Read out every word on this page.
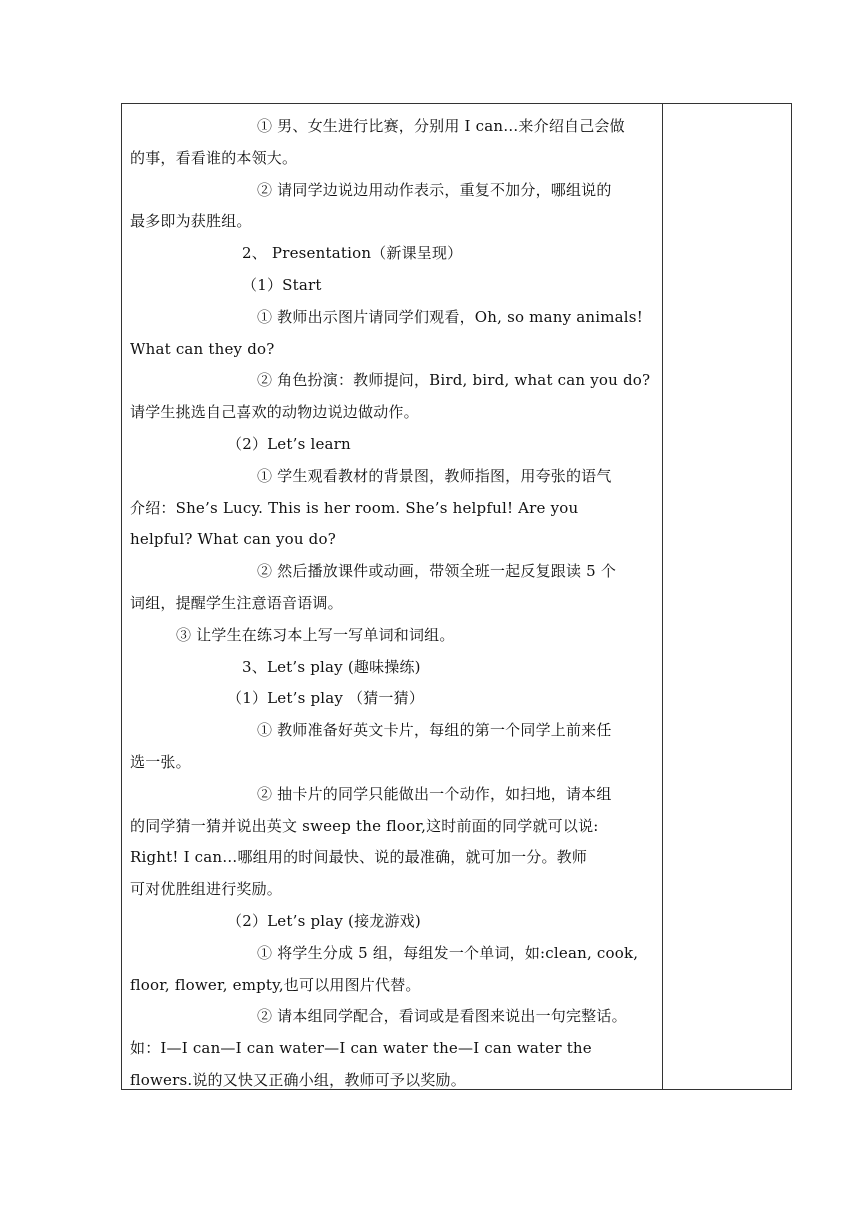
① 男、女生进行比赛，分别用 I can…来介绍自己会做
的事，看看谁的本领大。
② 请同学边说边用动作表示，重复不加分，哪组说的
最多即为获胜组。
2、 Presentation（新课呈现）
（1）Start
① 教师出示图片请同学们观看，Oh, so many animals!
What can they do?
② 角色扮演：教师提问，Bird, bird, what can you do?
请学生挑选自己喜欢的动物边说边做动作。
（2）Let’s learn
① 学生观看教材的背景图，教师指图，用夸张的语气
介绍：She’s Lucy. This is her room. She’s helpful! Are you
helpful? What can you do?
② 然后播放课件或动画，带领全班一起反复跟读 5 个
词组，提醒学生注意语音语调。
③ 让学生在练习本上写一写单词和词组。
3、Let’s play (趣味操练)
（1）Let’s play （猜一猜）
① 教师准备好英文卡片，每组的第一个同学上前来任
选一张。
② 抽卡片的同学只能做出一个动作，如扫地，请本组
的同学猜一猜并说出英文 sweep the floor,这时前面的同学就可以说:
Right! I can…哪组用的时间最快、说的最准确，就可加一分。教师
可对优胜组进行奖励。
（2）Let’s play (接龙游戏)
① 将学生分成 5 组，每组发一个单词，如:clean, cook,
floor, flower, empty,也可以用图片代替。
② 请本组同学配合，看词或是看图来说出一句完整话。
如：I—I can—I can water—I can water the—I can water the
flowers.说的又快又正确小组，教师可予以奖励。
